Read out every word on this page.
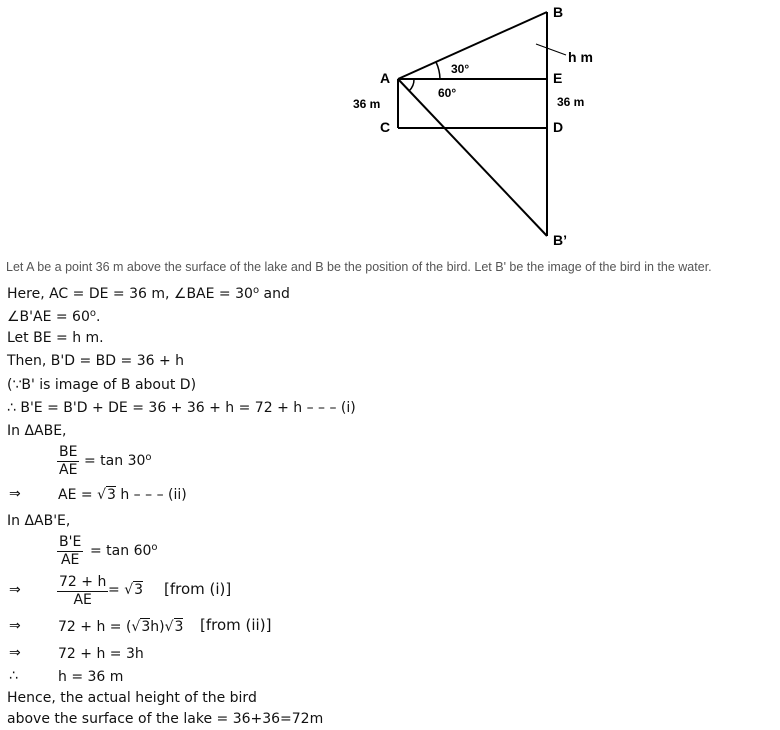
A
B
E
C	D
B’
30°
60°
36 m	36 m
h m
Let A be a point 36 m above the surface of the lake and B be the position of the bird. Let B' be the image of the bird in the water.
Here, AC = DE = 36 m, ∠BAE = $30^o$ and
∠B'AE = $60^o$.
Let BE = h m.
Then, B'D = BD = 36 + h
(∵B' is image of B about D)
∴ B'E = B'D + DE = 36 + 36 + h = 72 + h – – – (i)
In ΔABE,
$\frac{BE}{AE} = \tan 30^o$
⇒	AE = √3 h – – – (ii)
In ΔAB'E,
$\frac{B'E}{AE} = \tan 60^o$
⇒	$\frac{72 + h}{AE} = √3$ [from (i)]
⇒	72 + h = (√3h)√3 [from (ii)]
⇒	72 + h = 3h
∴	h = 36 m
Hence, the actual height of the bird
above the surface of the lake = 36+36=72m
